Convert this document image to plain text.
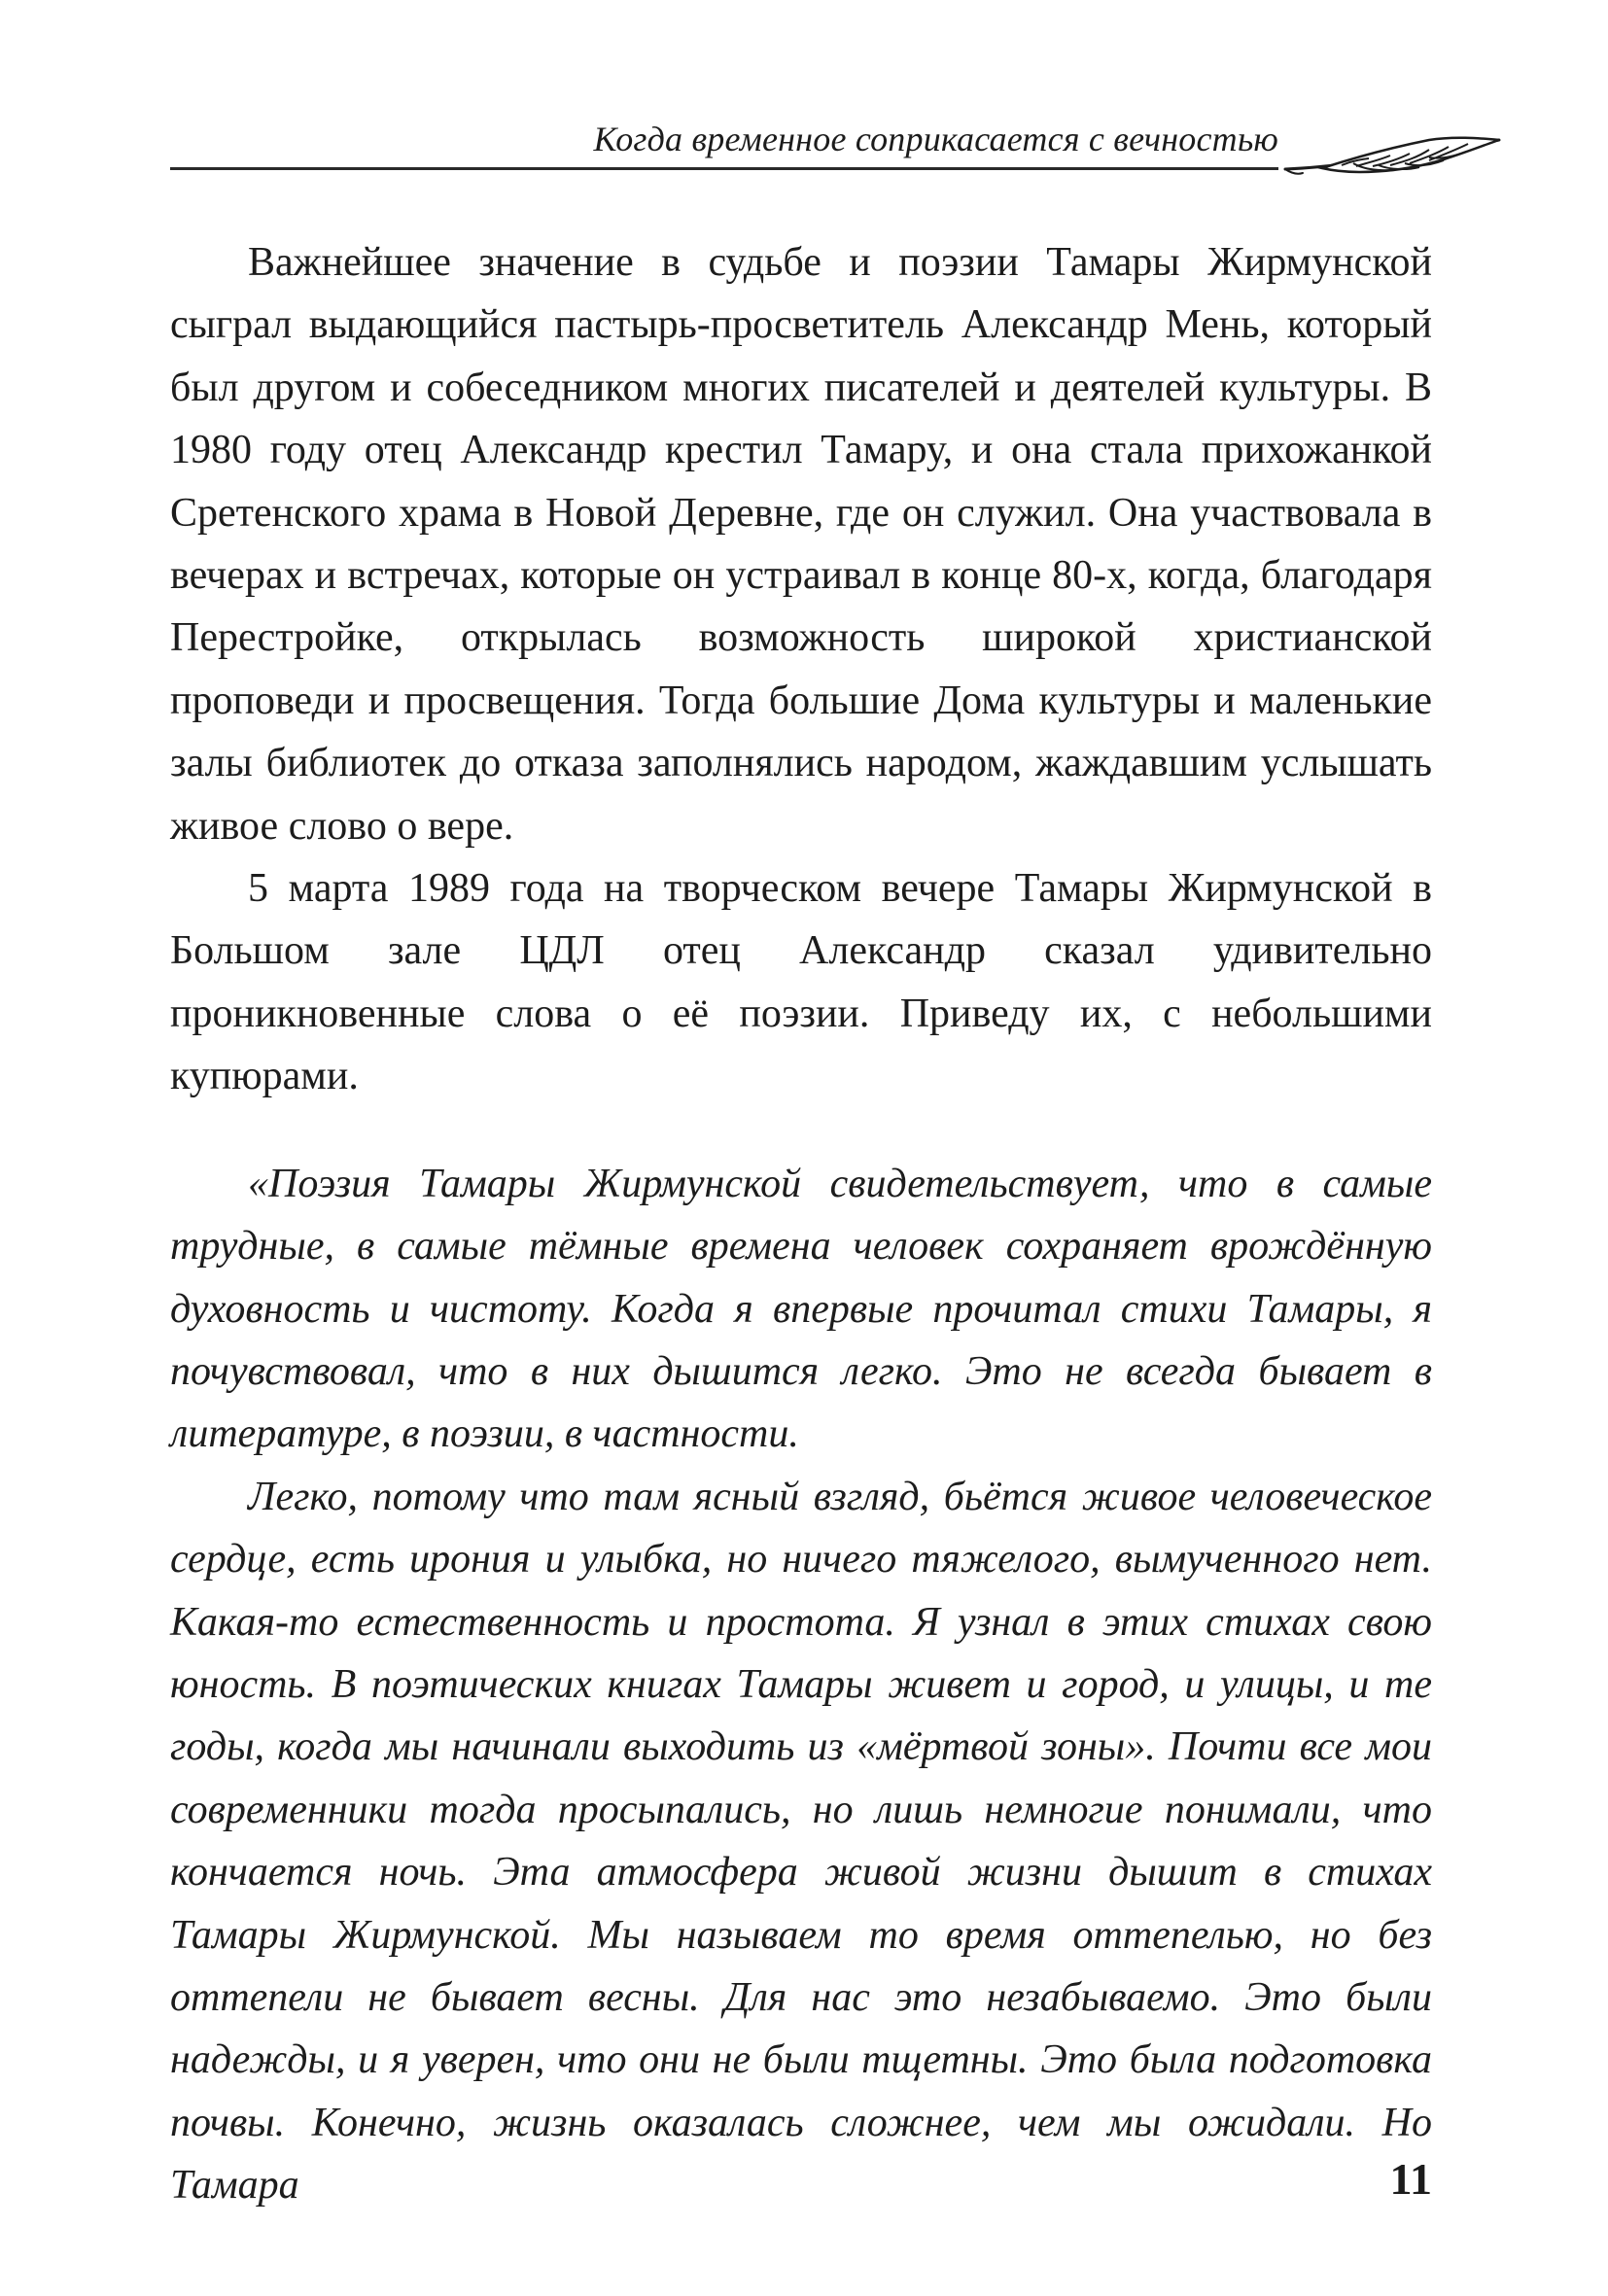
Когда временное соприкасается с вечностью

Важнейшее значение в судьбе и поэзии Тамары Жирмунской сыграл выдающийся пастырь-просветитель Александр Мень, который был другом и собеседником многих писателей и деятелей культуры. В 1980 году отец Александр крестил Тамару, и она стала прихожанкой Сретенского храма в Новой Деревне, где он служил. Она участвовала в вечерах и встречах, которые он устраивал в конце 80-х, когда, благодаря Перестройке, открылась возможность широкой христианской проповеди и просвещения. Тогда большие Дома культуры и маленькие залы библиотек до отказа заполнялись народом, жаждавшим услышать живое слово о вере.

5 марта 1989 года на творческом вечере Тамары Жирмунской в Большом зале ЦДЛ отец Александр сказал удивительно проникновенные слова о её поэзии. Приведу их, с небольшими купюрами.

«Поэзия Тамары Жирмунской свидетельствует, что в самые трудные, в самые тёмные времена человек сохраняет врождённую духовность и чистоту. Когда я впервые прочитал стихи Тамары, я почувствовал, что в них дышится легко. Это не всегда бывает в литературе, в поэзии, в частности.

Легко, потому что там ясный взгляд, бьётся живое человеческое сердце, есть ирония и улыбка, но ничего тяжелого, вымученного нет. Какая-то естественность и простота. Я узнал в этих стихах свою юность. В поэтических книгах Тамары живет и город, и улицы, и те годы, когда мы начинали выходить из «мёртвой зоны». Почти все мои современники тогда просыпались, но лишь немногие понимали, что кончается ночь. Эта атмосфера живой жизни дышит в стихах Тамары Жирмунской. Мы называем то время оттепелью, но без оттепели не бывает весны. Для нас это незабываемо. Это были надежды, и я уверен, что они не были тщетны. Это была подготовка почвы. Конечно, жизнь оказалась сложнее, чем мы ожидали. Но Тамара	11
